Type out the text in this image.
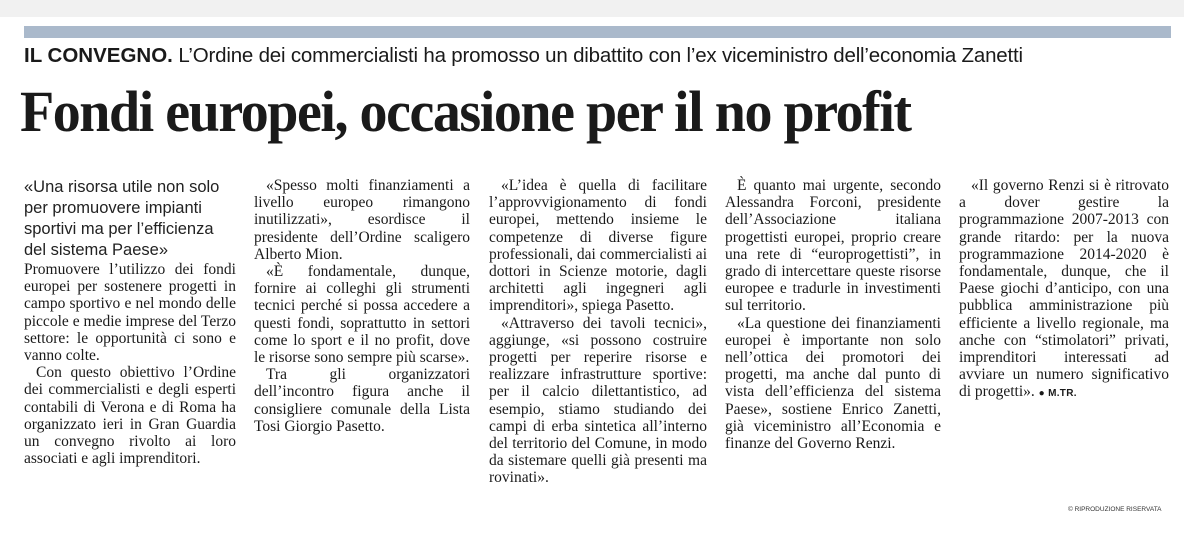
IL CONVEGNO. L’Ordine dei commercialisti ha promosso un dibattito con l’ex viceministro dell’economia Zanetti
Fondi europei, occasione per il no profit

«Una risorsa utile non solo per promuovere impianti sportivi ma per l’efficienza del sistema Paese»

Promuovere l’utilizzo dei fondi europei per sostenere progetti in campo sportivo e nel mondo delle piccole e medie imprese del Terzo settore: le opportunità ci sono e vanno colte.

Con questo obiettivo l’Ordine dei commercialisti e degli esperti contabili di Verona e di Roma ha organizzato ieri in Gran Guardia un convegno rivolto ai loro associati e agli imprenditori.

«Spesso molti finanziamenti a livello europeo rimangono inutilizzati», esordisce il presidente dell’Ordine scaligero Alberto Mion.

«È fondamentale, dunque, fornire ai colleghi gli strumenti tecnici perché si possa accedere a questi fondi, soprattutto in settori come lo sport e il no profit, dove le risorse sono sempre più scarse».

Tra gli organizzatori dell’incontro figura anche il consigliere comunale della Lista Tosi Giorgio Pasetto.

«L’idea è quella di facilitare l’approvvigionamento di fondi europei, mettendo insieme le competenze di diverse figure professionali, dai commercialisti ai dottori in Scienze motorie, dagli architetti agli ingegneri agli imprenditori», spiega Pasetto.

«Attraverso dei tavoli tecnici», aggiunge, «si possono costruire progetti per reperire risorse e realizzare infrastrutture sportive: per il calcio dilettantistico, ad esempio, stiamo studiando dei campi di erba sintetica all’interno del territorio del Comune, in modo da sistemare quelli già presenti ma rovinati».

È quanto mai urgente, secondo Alessandra Forconi, presidente dell’Associazione italiana progettisti europei, proprio creare una rete di “europrogettisti”, in grado di intercettare queste risorse europee e tradurle in investimenti sul territorio.

«La questione dei finanziamenti europei è importante non solo nell’ottica dei promotori dei progetti, ma anche dal punto di vista dell’efficienza del sistema Paese», sostiene Enrico Zanetti, già viceministro all’Economia e finanze del Governo Renzi.

«Il governo Renzi si è ritrovato a dover gestire la programmazione 2007-2013 con grande ritardo: per la nuova programmazione 2014-2020 è fondamentale, dunque, che il Paese giochi d’anticipo, con una pubblica amministrazione più efficiente a livello regionale, ma anche con “stimolatori” privati, imprenditori interessati ad avviare un numero significativo di progetti». ● M.TR.

© RIPRODUZIONE RISERVATA
